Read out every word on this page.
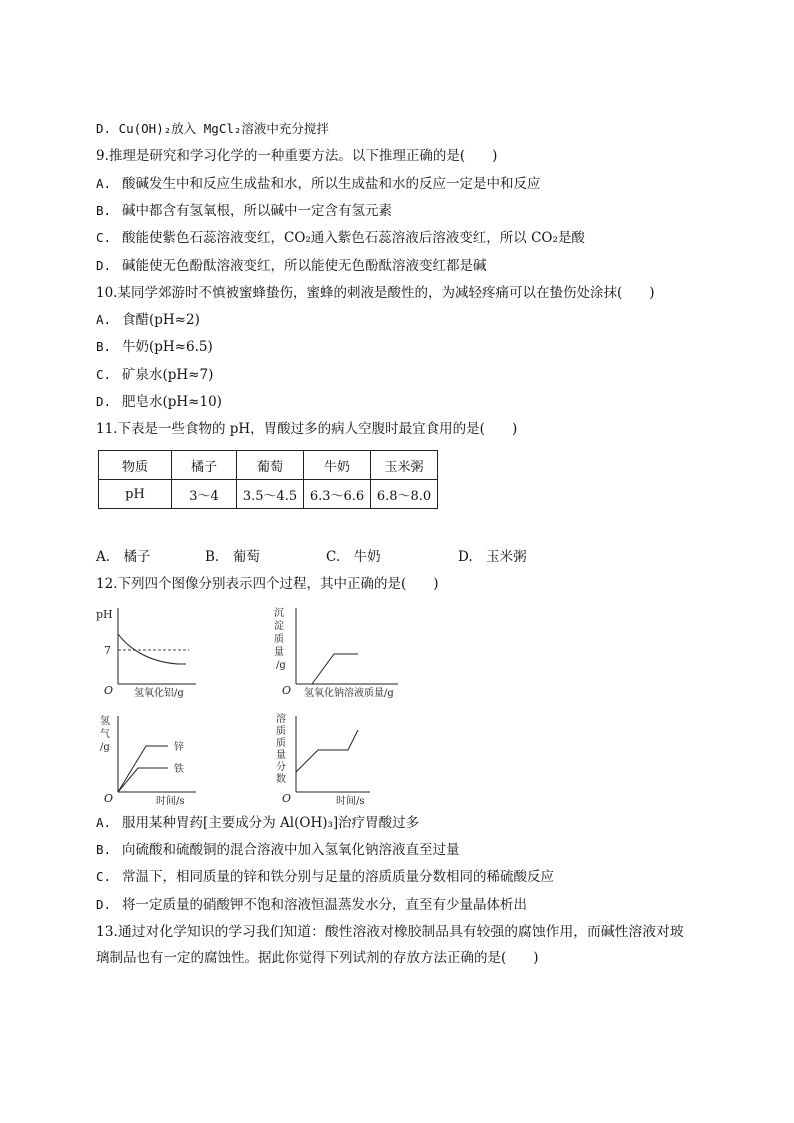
D. Cu(OH)₂放入 MgCl₂溶液中充分搅拌
9.推理是研究和学习化学的一种重要方法。以下推理正确的是(　　)
A. 酸碱发生中和反应生成盐和水，所以生成盐和水的反应一定是中和反应
B. 碱中都含有氢氧根，所以碱中一定含有氢元素
C. 酸能使紫色石蕊溶液变红，CO₂通入紫色石蕊溶液后溶液变红，所以 CO₂是酸
D. 碱能使无色酚酞溶液变红，所以能使无色酚酞溶液变红都是碱
10.某同学郊游时不慎被蜜蜂蛰伤，蜜蜂的刺液是酸性的，为减轻疼痛可以在蛰伤处涂抹(　　)
A. 食醋(pH≈2)
B. 牛奶(pH≈6.5)
C. 矿泉水(pH≈7)
D. 肥皂水(pH≈10)
11.下表是一些食物的 pH，胃酸过多的病人空腹时最宜食用的是(　　)
物质	橘子	葡萄	牛奶	玉米粥
pH	3～4	3.5～4.5	6.3～6.6	6.8～8.0
A.　橘子	B.　葡萄	C.　牛奶	D.　玉米粥
12.下列四个图像分别表示四个过程，其中正确的是(　　)
pH
7
O 氢氧化铝/g
沉
淀
质
量
/g
O 氢氧化钠溶液质量/g
氢
气
/g	锌
铁
O	时间/s
溶
质
质
量
分
数
O	时间/s
A. 服用某种胃药[主要成分为 Al(OH)₃]治疗胃酸过多
B. 向硫酸和硫酸铜的混合溶液中加入氢氧化钠溶液直至过量
C. 常温下，相同质量的锌和铁分别与足量的溶质质量分数相同的稀硫酸反应
D. 将一定质量的硝酸钾不饱和溶液恒温蒸发水分，直至有少量晶体析出
13.通过对化学知识的学习我们知道：酸性溶液对橡胶制品具有较强的腐蚀作用，而碱性溶液对玻
璃制品也有一定的腐蚀性。据此你觉得下列试剂的存放方法正确的是(　　)
